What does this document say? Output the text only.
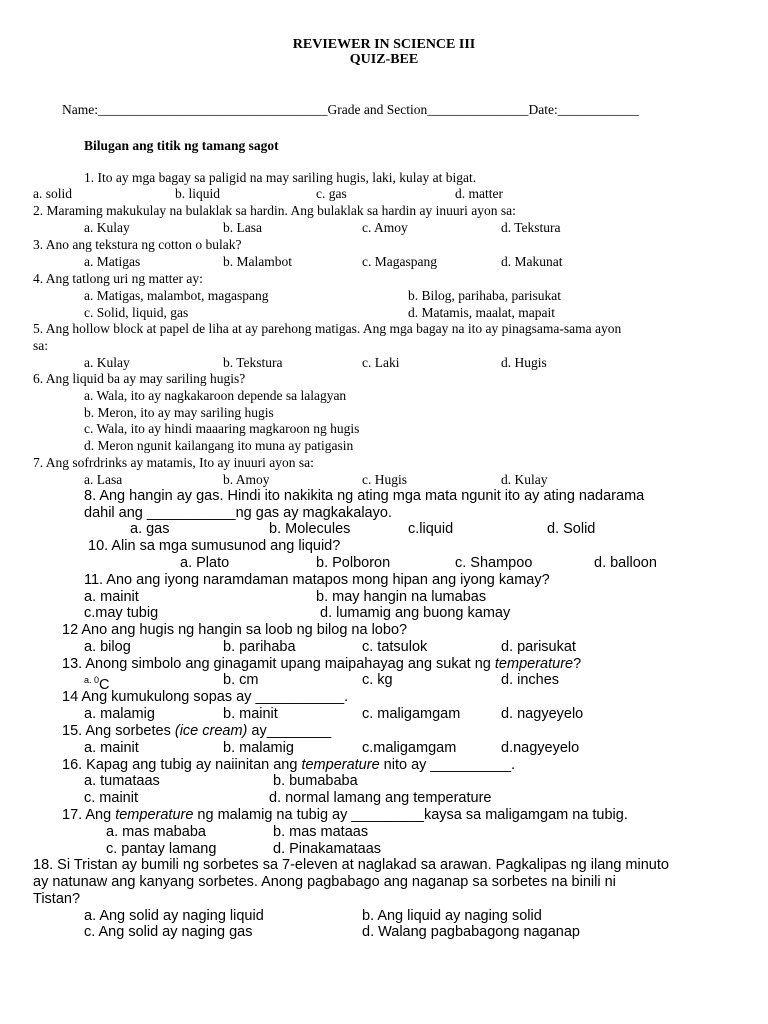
REVIEWER IN SCIENCE III
QUIZ-BEE
Name:__________________________________Grade and Section_______________Date:____________
Bilugan ang titik ng tamang sagot
1. Ito ay mga bagay sa paligid na may sariling hugis, laki, kulay at bigat.
a. solid	b. liquid	c. gas	d. matter
2. Maraming makukulay na bulaklak sa hardin. Ang bulaklak sa hardin ay inuuri ayon sa:
a. Kulay	b. Lasa	c. Amoy	d. Tekstura
3. Ano ang tekstura ng cotton o bulak?
a. Matigas	b. Malambot	c. Magaspang	d. Makunat
4. Ang tatlong uri ng matter ay:
a. Matigas, malambot, magaspang	b. Bilog, parihaba, parisukat
c. Solid, liquid, gas	d. Matamis, maalat, mapait
5. Ang hollow block at papel de liha at ay parehong matigas. Ang mga bagay na ito ay pinagsama-sama ayon
sa:
a. Kulay	b. Tekstura	c. Laki	d. Hugis
6. Ang liquid ba ay may sariling hugis?
a. Wala, ito ay nagkakaroon depende sa lalagyan
b. Meron, ito ay may sariling hugis
c. Wala, ito ay hindi maaaring magkaroon ng hugis
d. Meron ngunit kailangang ito muna ay patigasin
7. Ang sofrdrinks ay matamis, Ito ay inuuri ayon sa:
a. Lasa	b. Amoy	c. Hugis	d. Kulay
8. Ang hangin ay gas. Hindi ito nakikita ng ating mga mata ngunit ito ay ating nadarama
dahil ang ___________ng gas ay magkakalayo.
a. gas	b. Molecules	c.liquid	d. Solid
10. Alin sa mga sumusunod ang liquid?
a. Plato	b. Polboron	c. Shampoo	d. balloon
11. Ano ang iyong naramdaman matapos mong hipan ang iyong kamay?
a. mainit	b. may hangin na lumabas
c.may tubig	d. lumamig ang buong kamay
12 Ano ang hugis ng hangin sa loob ng bilog na lobo?
a. bilog	b. parihaba	c. tatsulok	d. parisukat
13. Anong simbolo ang ginagamit upang maipahayag ang sukat ng temperature?
$^{a.}$ $^0$C	b. cm	c. kg	d. inches
14 Ang kumukulong sopas ay ___________.
a. malamig	b. mainit	c. maligamgam	d. nagyeyelo
15. Ang sorbetes (ice cream) ay________
a. mainit	b. malamig	c.maligamgam	d.nagyeyelo
16. Kapag ang tubig ay naiinitan ang temperature nito ay __________.
a. tumataas	b. bumababa
c. mainit	d. normal lamang ang temperature
17. Ang temperature ng malamig na tubig ay _________kaysa sa maligamgam na tubig.
a. mas mababa	b. mas mataas
c. pantay lamang	d. Pinakamataas
18. Si Tristan ay bumili ng sorbetes sa 7-eleven at naglakad sa arawan. Pagkalipas ng ilang minuto
ay natunaw ang kanyang sorbetes. Anong pagbabago ang naganap sa sorbetes na binili ni
Tistan?
a. Ang solid ay naging liquid	b. Ang liquid ay naging solid
c. Ang solid ay naging gas	d. Walang pagbabagong naganap
